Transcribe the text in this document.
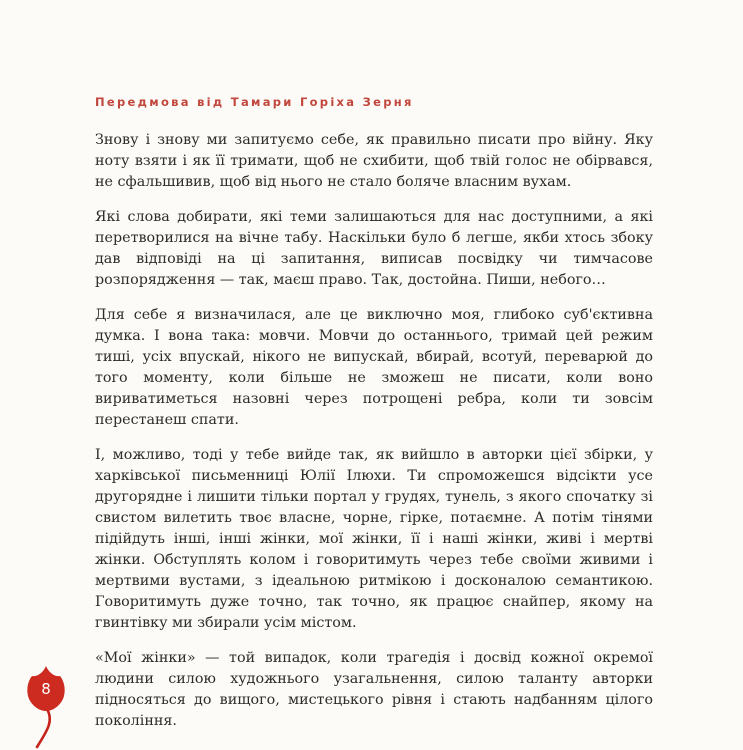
Передмова від Тамари Горіха Зерня

Знову і знову ми запитуємо себе, як правильно писати про війну. Яку ноту взяти і як її тримати, щоб не схибити, щоб твій голос не обірвався, не сфальшивив, щоб від нього не стало боляче власним вухам.

Які слова добирати, які теми залишаються для нас доступними, а які перетворилися на вічне табу. Наскільки було б легше, якби хтось збоку дав відповіді на ці запитання, виписав посвідку чи тимчасове розпорядження — так, маєш право. Так, достойна. Пиши, небого…

Для себе я визначилася, але це виключно моя, глибоко суб'єктивна думка. І вона така: мовчи. Мовчи до останнього, тримай цей режим тиші, усіх впускай, нікого не випускай, вбирай, всотуй, переварюй до того моменту, коли більше не зможеш не писати, коли воно вириватиметься назовні через потрощені ребра, коли ти зовсім перестанеш спати.

І, можливо, тоді у тебе вийде так, як вийшло в авторки цієї збірки, у харківської письменниці Юлії Ілюхи. Ти спроможешся відсікти усе другорядне і лишити тільки портал у грудях, тунель, з якого спочатку зі свистом вилетить твоє власне, чорне, гірке, потаємне. А потім тінями підійдуть інші, інші жінки, мої жінки, її і наші жінки, живі і мертві жінки. Обступлять колом і говоритимуть через тебе своїми живими і мертвими вустами, з ідеальною ритмікою і досконалою семантикою. Говоритимуть дуже точно, так точно, як працює снайпер, якому на гвинтівку ми збирали усім містом.

«Мої жінки» — той випадок, коли трагедія і досвід кожної окремої людини силою художнього узагальнення, силою таланту авторки підносяться до вищого, мистецького рівня і стають надбанням цілого покоління.

8
